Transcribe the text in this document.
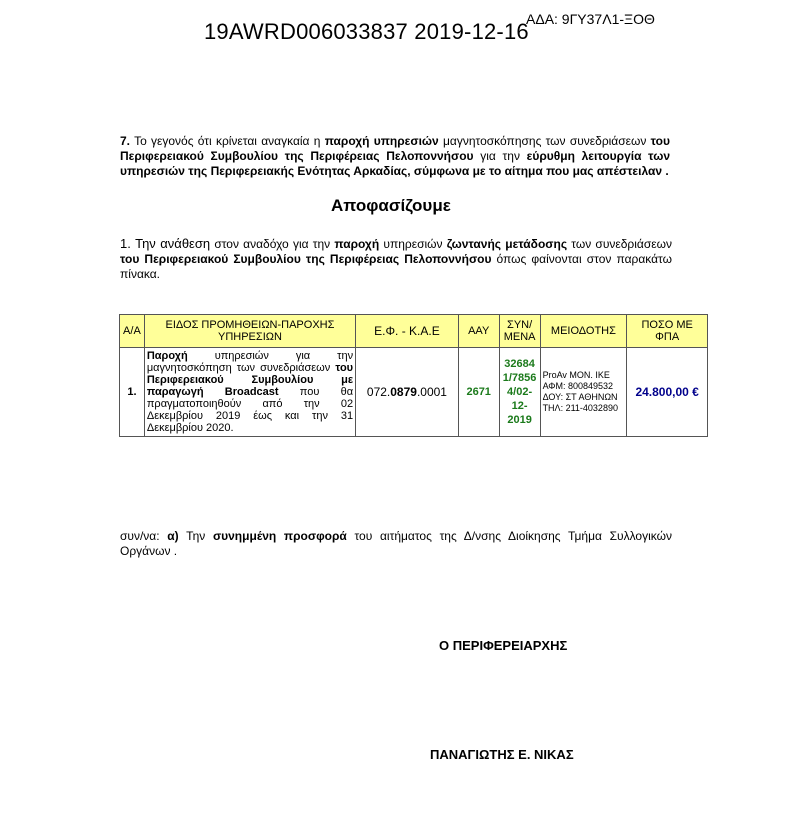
ΑΔΑ: 9ΓΥ37Λ1-ΞΟΘ
19AWRD006033837 2019-12-16
7. Το γεγονός ότι κρίνεται αναγκαία η παροχή υπηρεσιών μαγνητοσκόπησης των συνεδριάσεων του Περιφερειακού Συμβουλίου της Περιφέρειας Πελοποννήσου για την εύρυθμη λειτουργία των υπηρεσιών της Περιφερειακής Ενότητας Αρκαδίας, σύμφωνα με το αίτημα που μας απέστειλαν .
Αποφασίζουμε
1. Την ανάθεση στον αναδόχο για την παροχή υπηρεσιών ζωντανής μετάδοσης των συνεδριάσεων του Περιφερειακού Συμβουλίου της Περιφέρειας Πελοποννήσου όπως φαίνονται στον παρακάτω πίνακα.
Α/Α	ΕΙΔΟΣ ΠΡΟΜΗΘΕΙΩΝ-ΠΑΡΟΧΗΣ ΥΠΗΡΕΣΙΩΝ	Ε.Φ. - Κ.Α.Ε	ΑΑΥ	ΣΥΝ/ ΜΕΝΑ	ΜΕΙΟΔΟΤΗΣ	ΠΟΣΟ ΜΕ ΦΠΑ
1.	Παροχή υπηρεσιών για την μαγνητοσκόπηση των συνεδριάσεων του Περιφερειακού Συμβουλίου με παραγωγή Broadcast που θα πραγματοποιηθούν από την 02 Δεκεμβρίου 2019 έως και την 31 Δεκεμβρίου 2020.	072.0879.0001	2671	32684 1/7856 4/02-12-2019	ProAv ΜΟΝ. ΙΚΕ
ΑΦΜ: 800849532
ΔΟΥ: ΣΤ ΑΘΗΝΩΝ
ΤΗΛ: 211-4032890	24.800,00 €
συν/να: α) Την συνημμένη προσφορά του αιτήματος της Δ/νσης Διοίκησης Τμήμα Συλλογικών Οργάνων .
Ο ΠΕΡΙΦΕΡΕΙΑΡΧΗΣ
ΠΑΝΑΓΙΩΤΗΣ Ε. ΝΙΚΑΣ
